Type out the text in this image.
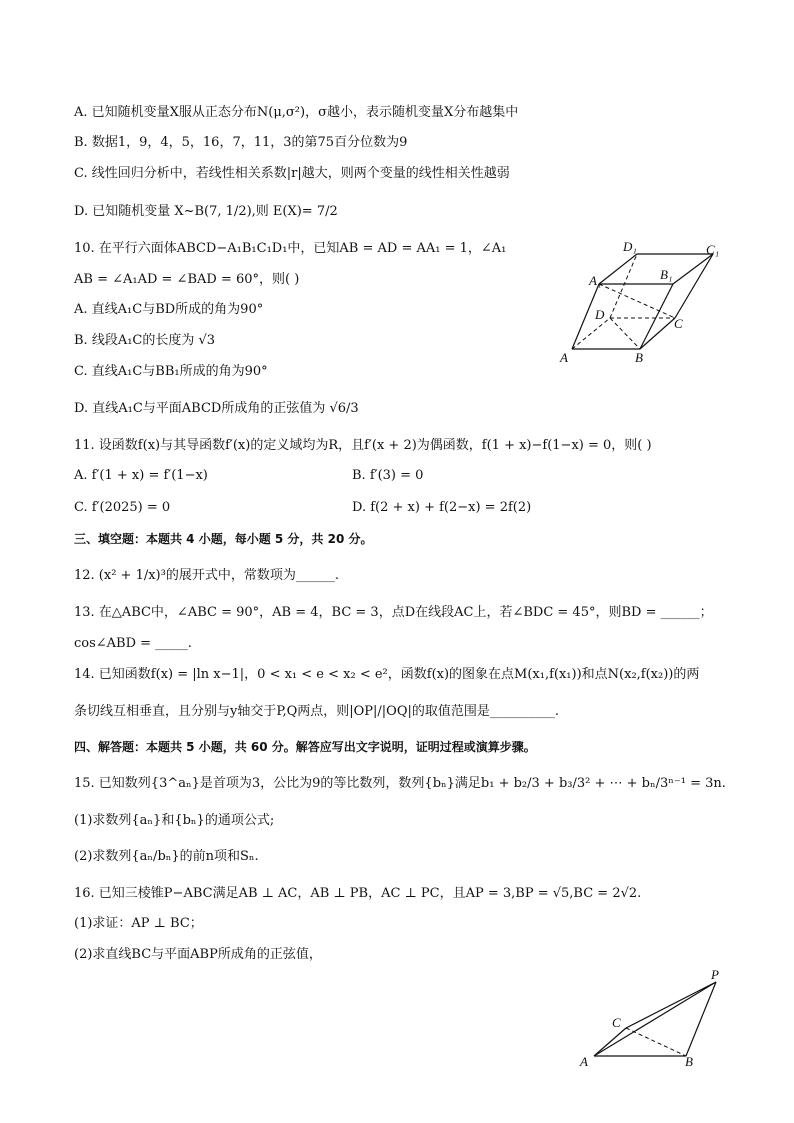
A. 已知随机变量X服从正态分布N(μ,σ²)，σ越小，表示随机变量X分布越集中
B. 数据1，9，4，5，16，7，11，3的第75百分位数为9
C. 线性回归分析中，若线性相关系数|r|越大，则两个变量的线性相关性越弱
D. 已知随机变量 X~B(7, 1/2),则 E(X)= 7/2
10. 在平行六面体ABCD−A₁B₁C₁D₁中，已知AB = AD = AA₁ = 1，∠A₁
AB = ∠A₁AD = ∠BAD = 60°，则( )
A. 直线A₁C与BD所成的角为90°
B. 线段A₁C的长度为 √3
C. 直线A₁C与BB₁所成的角为90°
D. 直线A₁C与平面ABCD所成角的正弦值为 √6/3
D₁	C₁
A₁	B₁
D
C
A	B
11. 设函数f(x)与其导函数f′(x)的定义域均为R，且f′(x + 2)为偶函数，f(1 + x)−f(1−x) = 0，则( )
A. f′(1 + x) = f′(1−x)	B. f′(3) = 0
C. f′(2025) = 0	D. f(2 + x) + f(2−x) = 2f(2)
三、填空题：本题共 4 小题，每小题 5 分，共 20 分。
12. (x² + 1/x)³的展开式中，常数项为______.
13. 在△ABC中，∠ABC = 90°，AB = 4，BC = 3，点D在线段AC上，若∠BDC = 45°，则BD = ______；
cos∠ABD = _____.
14. 已知函数f(x) = |ln x−1|，0 < x₁ < e < x₂ < e²，函数f(x)的图象在点M(x₁,f(x₁))和点N(x₂,f(x₂))的两
条切线互相垂直，且分别与y轴交于P,Q两点，则|OP|/|OQ|的取值范围是__________.
四、解答题：本题共 5 小题，共 60 分。解答应写出文字说明，证明过程或演算步骤。
15. 已知数列{3^aₙ}是首项为3，公比为9的等比数列，数列{bₙ}满足b₁ + b₂/3 + b₃/3² + ⋯ + bₙ/3ⁿ⁻¹ = 3n.
(1)求数列{aₙ}和{bₙ}的通项公式;
(2)求数列{aₙ/bₙ}的前n项和Sₙ.
16. 已知三棱锥P−ABC满足AB ⊥ AC，AB ⊥ PB，AC ⊥ PC，且AP = 3,BP = √5,BC = 2√2.
(1)求证：AP ⊥ BC；
(2)求直线BC与平面ABP所成角的正弦值，
P
C
A	B
